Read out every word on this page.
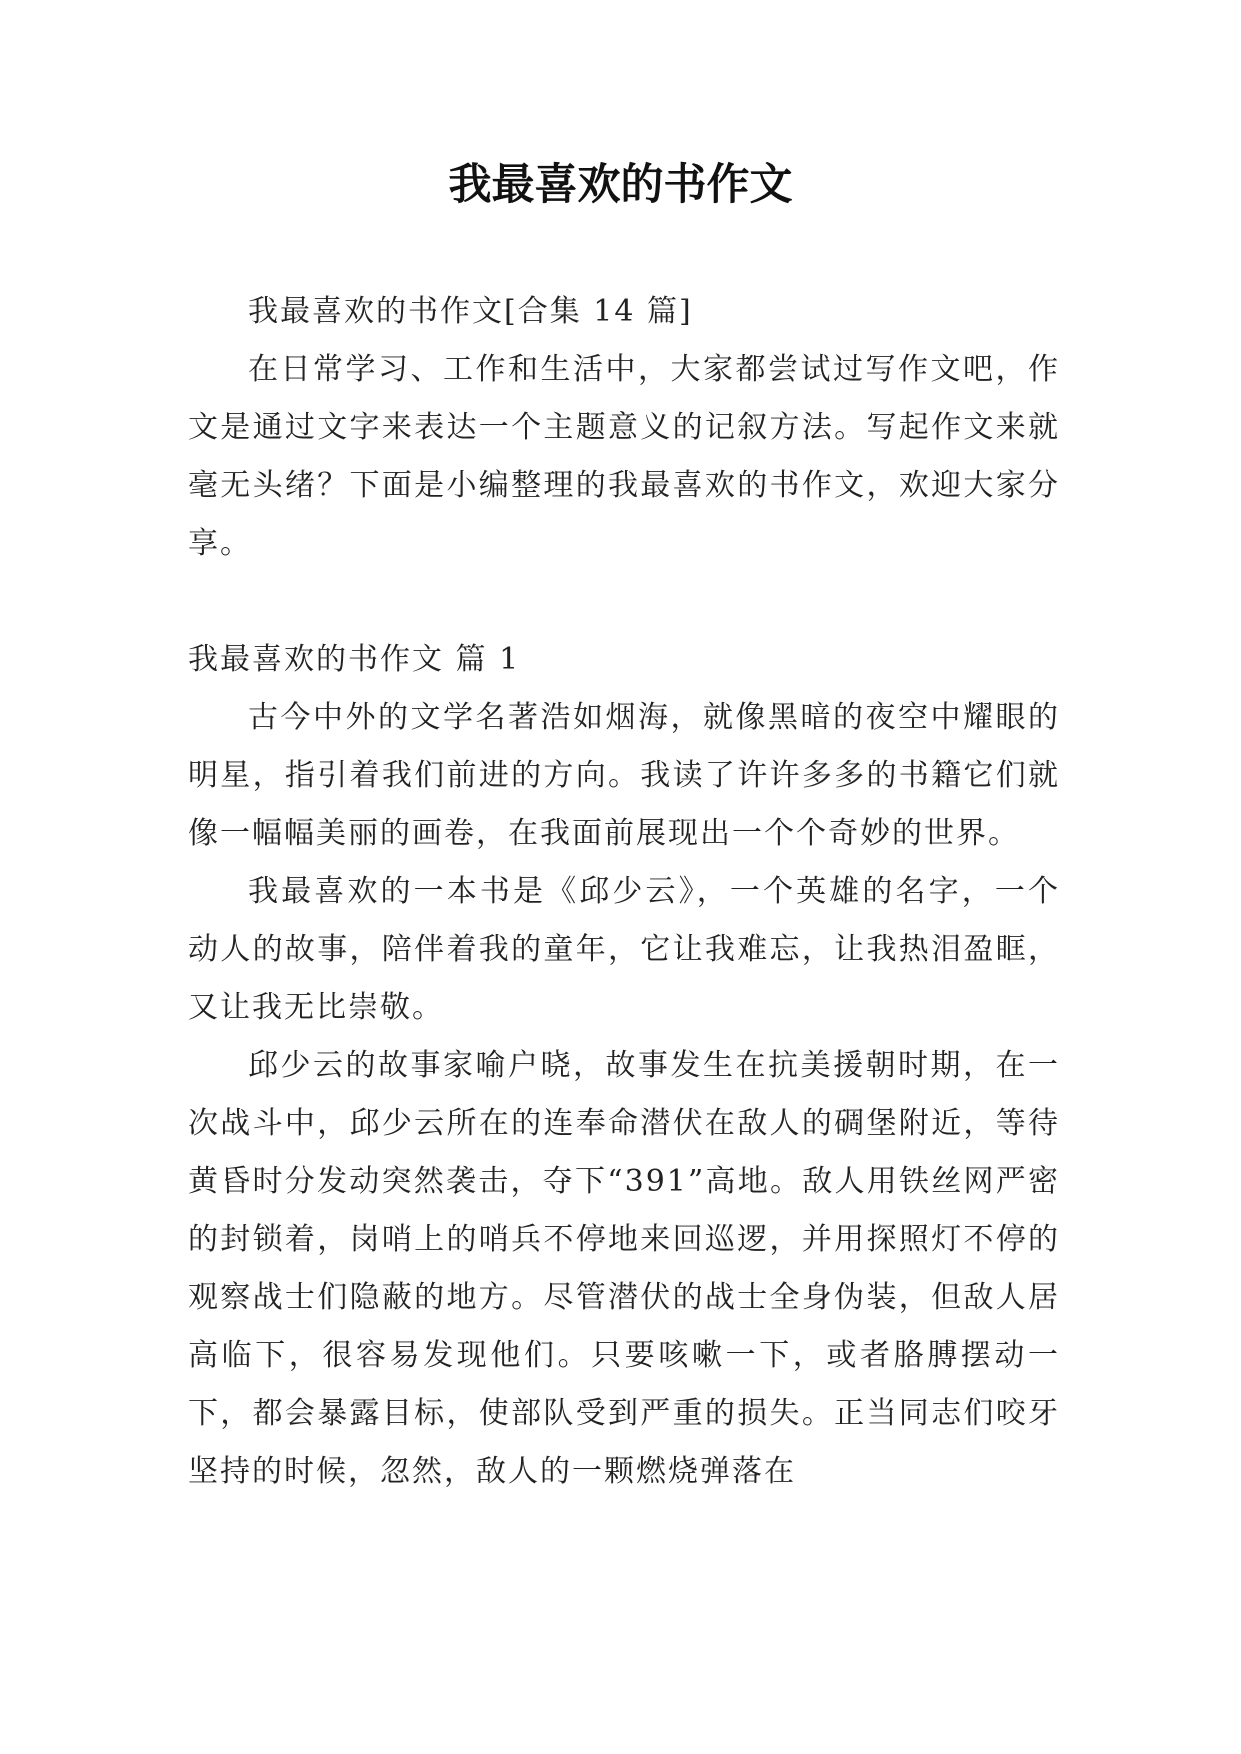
我最喜欢的书作文

我最喜欢的书作文[合集 14 篇]

在日常学习、工作和生活中，大家都尝试过写作文吧，作文是通过文字来表达一个主题意义的记叙方法。写起作文来就毫无头绪？下面是小编整理的我最喜欢的书作文，欢迎大家分享。

我最喜欢的书作文 篇 1

古今中外的文学名著浩如烟海，就像黑暗的夜空中耀眼的明星，指引着我们前进的方向。我读了许许多多的书籍它们就像一幅幅美丽的画卷，在我面前展现出一个个奇妙的世界。

我最喜欢的一本书是《邱少云》，一个英雄的名字，一个动人的故事，陪伴着我的童年，它让我难忘，让我热泪盈眶，又让我无比崇敬。

邱少云的故事家喻户晓，故事发生在抗美援朝时期，在一次战斗中，邱少云所在的连奉命潜伏在敌人的碉堡附近，等待黄昏时分发动突然袭击，夺下“391”高地。敌人用铁丝网严密的封锁着，岗哨上的哨兵不停地来回巡逻，并用探照灯不停的观察战士们隐蔽的地方。尽管潜伏的战士全身伪装，但敌人居高临下，很容易发现他们。只要咳嗽一下，或者胳膊摆动一下，都会暴露目标，使部队受到严重的损失。正当同志们咬牙坚持的时候，忽然，敌人的一颗燃烧弹落在
